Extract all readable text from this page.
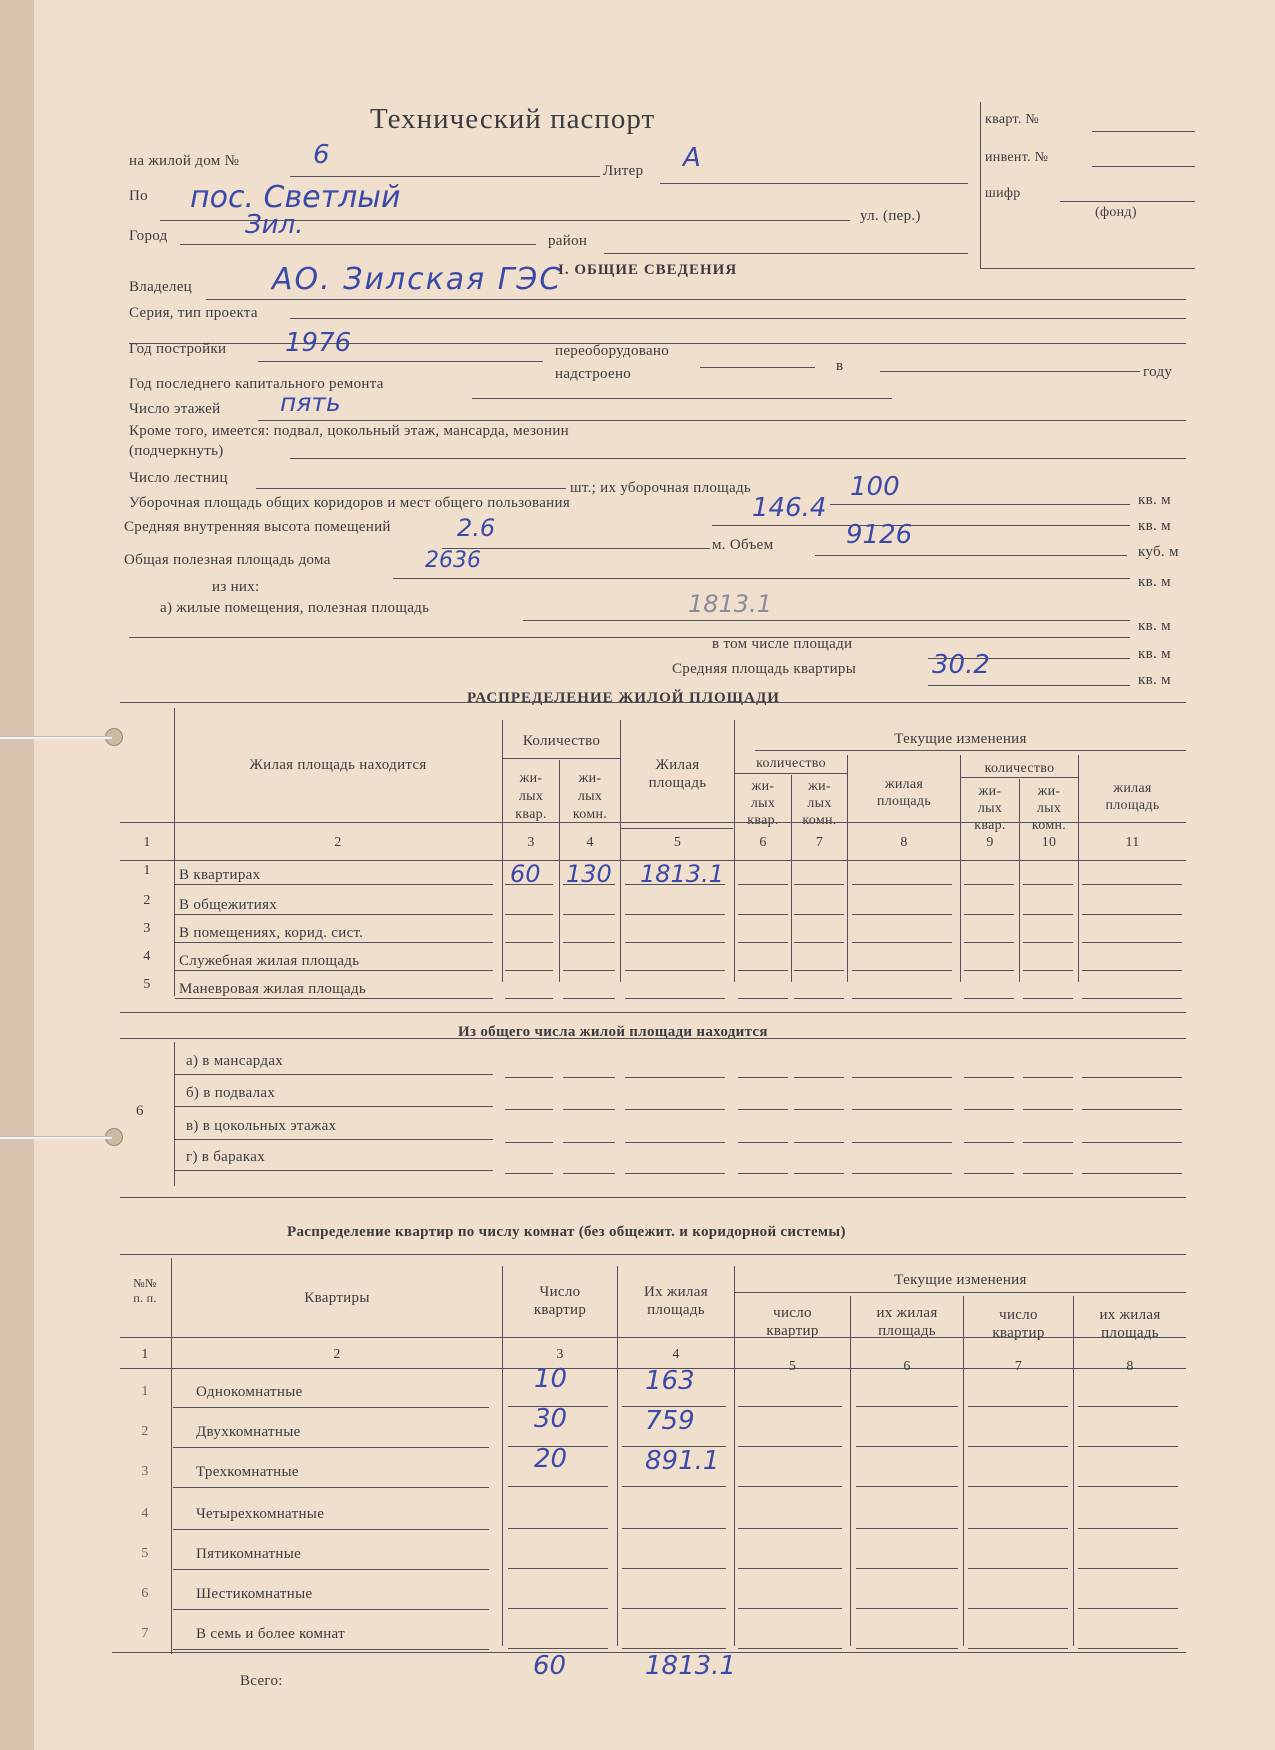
Технический паспорт
на жилой дом №	6
Литер А
По пос. Светлый
ул. (пер.)
Город	Зил.
район
кварт. №
инвент. №
шифр
(фонд)
I. ОБЩИЕ СВЕДЕНИЯ
Владелец	АО. Зилская ГЭС
Серия, тип проекта
Год постройки 1976	переоборудовано
надстроено	в	году
Год последнего капитального ремонта
Число этажей пять
Кроме того, имеется: подвал, цокольный этаж, мансарда, мезонин
(подчеркнуть)
Число лестниц
шт.; их уборочная площадь	100	кв. м
Уборочная площадь общих коридоров и мест общего пользования	146.4
кв. м
Средняя внутренняя высота помещений	2.6
м. Объем	9126
куб. м
Общая полезная площадь дома	2636
кв. м
из них:
а) жилые помещения, полезная площадь	1813.1
кв. м
в том числе площади
кв. м
Средняя площадь квартиры	30.2	кв. м
РАСПРЕДЕЛЕНИЕ ЖИЛОЙ ПЛОЩАДИ
Жилая площадь находится
Количество
жи-
лых
квар.
жи-
лых
комн.
Жилая
площадь
Текущие изменения
количество
жи-
лых
квар.
жи-
лых
комн.
жилая
площадь
количество
жи-
лых
квар.
жи-
лых
комн.
жилая
площадь
1	2	3	4	5	6	7	8	9	10	11
1	В квартирах	60 130 1813.1
2	В общежитиях
3	В помещениях, корид. сист.
4	Служебная жилая площадь
5	Маневровая жилая площадь
Из общего числа жилой площади находится
6
а) в мансардах
б) в подвалах
в) в цокольных этажах
г) в бараках
Распределение квартир по числу комнат (без общежит. и коридорной системы)
№№
п. п.	Квартиры	Число
квартир
Их жилая
площадь
Текущие изменения
число
квартир
их жилая
площадь
число
квартир
их жилая
площадь
1	2	3	4
5	6	7	8
1	Однокомнатные	10	163
2	Двухкомнатные	30	759
3	Трехкомнатные	20	891.1
4	Четырехкомнатные
5	Пятикомнатные
6	Шестикомнатные
7	В семь и более комнат
Всего:	60	1813.1
